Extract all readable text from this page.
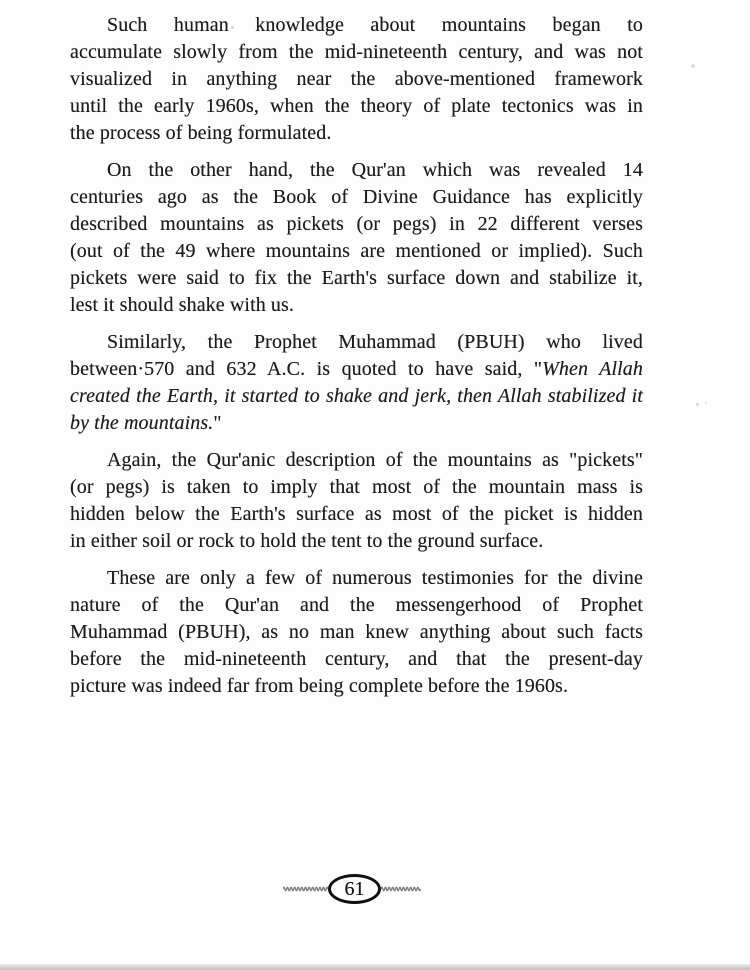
Such human knowledge about mountains began to
accumulate slowly from the mid-nineteenth century, and was not
visualized in anything near the above-mentioned framework
until the early 1960s, when the theory of plate tectonics was in
the process of being formulated.
On the other hand, the Qur'an which was revealed 14
centuries ago as the Book of Divine Guidance has explicitly
described mountains as pickets (or pegs) in 22 different verses
(out of the 49 where mountains are mentioned or implied). Such
pickets were said to fix the Earth's surface down and stabilize it,
lest it should shake with us.
Similarly, the Prophet Muhammad (PBUH) who lived
between·570 and 632 A.C. is quoted to have said, "When Allah
created the Earth, it started to shake and jerk, then Allah stabilized it
by the mountains."
Again, the Qur'anic description of the mountains as "pickets"
(or pegs) is taken to imply that most of the mountain mass is
hidden below the Earth's surface as most of the picket is hidden
in either soil or rock to hold the tent to the ground surface.
These are only a few of numerous testimonies for the divine
nature of the Qur'an and the messengerhood of Prophet
Muhammad (PBUH), as no man knew anything about such facts
before the mid-nineteenth century, and that the present-day
picture was indeed far from being complete before the 1960s.
61
